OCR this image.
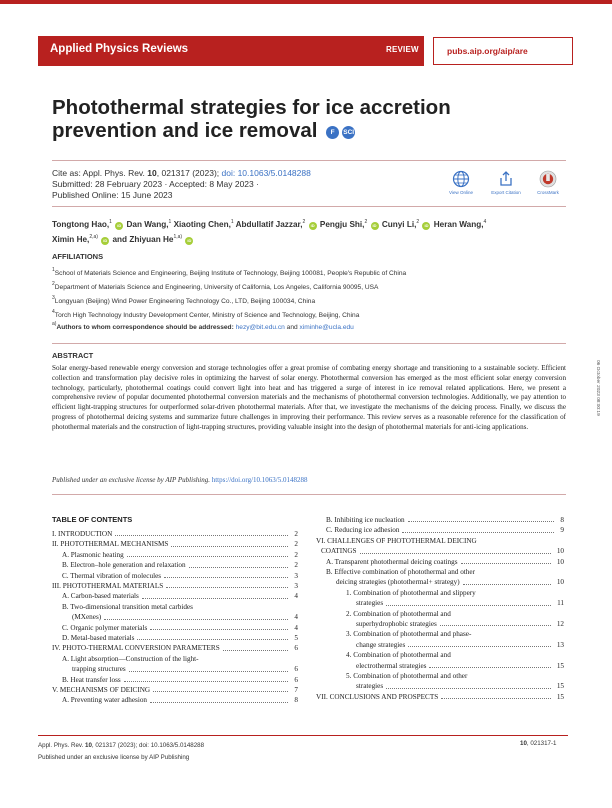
Applied Physics Reviews	REVIEW	pubs.aip.org/aip/are
Photothermal strategies for ice accretion
prevention and ice removal F SCI
Cite as: Appl. Phys. Rev. 10, 021317 (2023); doi: 10.1063/5.0148288
Submitted: 28 February 2023 · Accepted: 8 May 2023 ·
Published Online: 15 June 2023	View Online	Export Citation	CrossMark
Tongtong Hao,$^1$ iD Dan Wang,$^1$ Xiaoting Chen,$^1$ Abdullatif Jazzar,$^2$ iD Pengju Shi,$^2$ iD Cunyi Li,$^2$ iD Heran Wang,$^4$
Ximin He,$^{2,a)}$ iD and Zhiyuan He$^{1,a)}$ iD
AFFILIATIONS
$^1$School of Materials Science and Engineering, Beijing Institute of Technology, Beijing 100081, People's Republic of China
$^2$Department of Materials Science and Engineering, University of California, Los Angeles, California 90095, USA
$^3$Longyuan (Beijing) Wind Power Engineering Technology Co., LTD, Beijing 100034, China
$^4$Torch High Technology Industry Development Center, Ministry of Science and Technology, Beijing, China
$^{a)}$Authors to whom correspondence should be addressed: hezy@bit.edu.cn and ximinhe@ucla.edu
ABSTRACT
Solar energy-based renewable energy conversion and storage technologies offer a great promise of combating energy shortage and transitioning to a sustainable society. Efficient collection and transformation play decisive roles in optimizing the harvest of solar energy. Photothermal conversion has emerged as the most efficient solar energy conversion technology, particularly, photothermal coatings could convert light into heat and has triggered a surge of interest in ice removal related applications. Here, we present a comprehensive review of popular documented photothermal conversion materials and the mechanisms of photothermal conversion technologies. Additionally, we pay attention to efficient light-trapping structures for outperformed solar-driven photothermal materials. After that, we investigate the mechanisms of the deicing process. Finally, we discuss the progress of photothermal deicing systems and summarize future challenges in improving their performance. This review serves as a reasonable reference for the classification of photothermal materials and the construction of light-trapping structures, providing valuable insight into the design of photothermal materials for anti-icing applications.
Published under an exclusive license by AIP Publishing. https://doi.org/10.1063/5.0148288
06 October 2023 08:00:19
TABLE OF CONTENTS
I. INTRODUCTION	2
II. PHOTOTHERMAL MECHANISMS	2
A. Plasmonic heating	2
B. Electron–hole generation and relaxation	2
C. Thermal vibration of molecules	3
III. PHOTOTHERMAL MATERIALS	3
A. Carbon-based materials	4
B. Two-dimensional transition metal carbides
(MXenes)	4
C. Organic polymer materials	4
D. Metal-based materials	5
IV. PHOTO-THERMAL CONVERSION PARAMETERS	6
A. Light absorption—Construction of the light-
trapping structures	6
B. Heat transfer loss	6
V. MECHANISMS OF DEICING	7
A. Preventing water adhesion	8
B. Inhibiting ice nucleation	8
C. Reducing ice adhesion	9
VI. CHALLENGES OF PHOTOTHERMAL DEICING
COATINGS	10
A. Transparent photothermal deicing coatings	10
B. Effective combination of photothermal and other
deicing strategies (photothermal+ strategy)	10
1. Combination of photothermal and slippery
strategies	11
2. Combination of photothermal and
superhydrophobic strategies	12
3. Combination of photothermal and phase-
change strategies	13
4. Combination of photothermal and
electrothermal strategies	15
5. Combination of photothermal and other
strategies	15
VII. CONCLUSIONS AND PROSPECTS	15
Appl. Phys. Rev. 10, 021317 (2023); doi: 10.1063/5.0148288
Published under an exclusive license by AIP Publishing
10, 021317-1
